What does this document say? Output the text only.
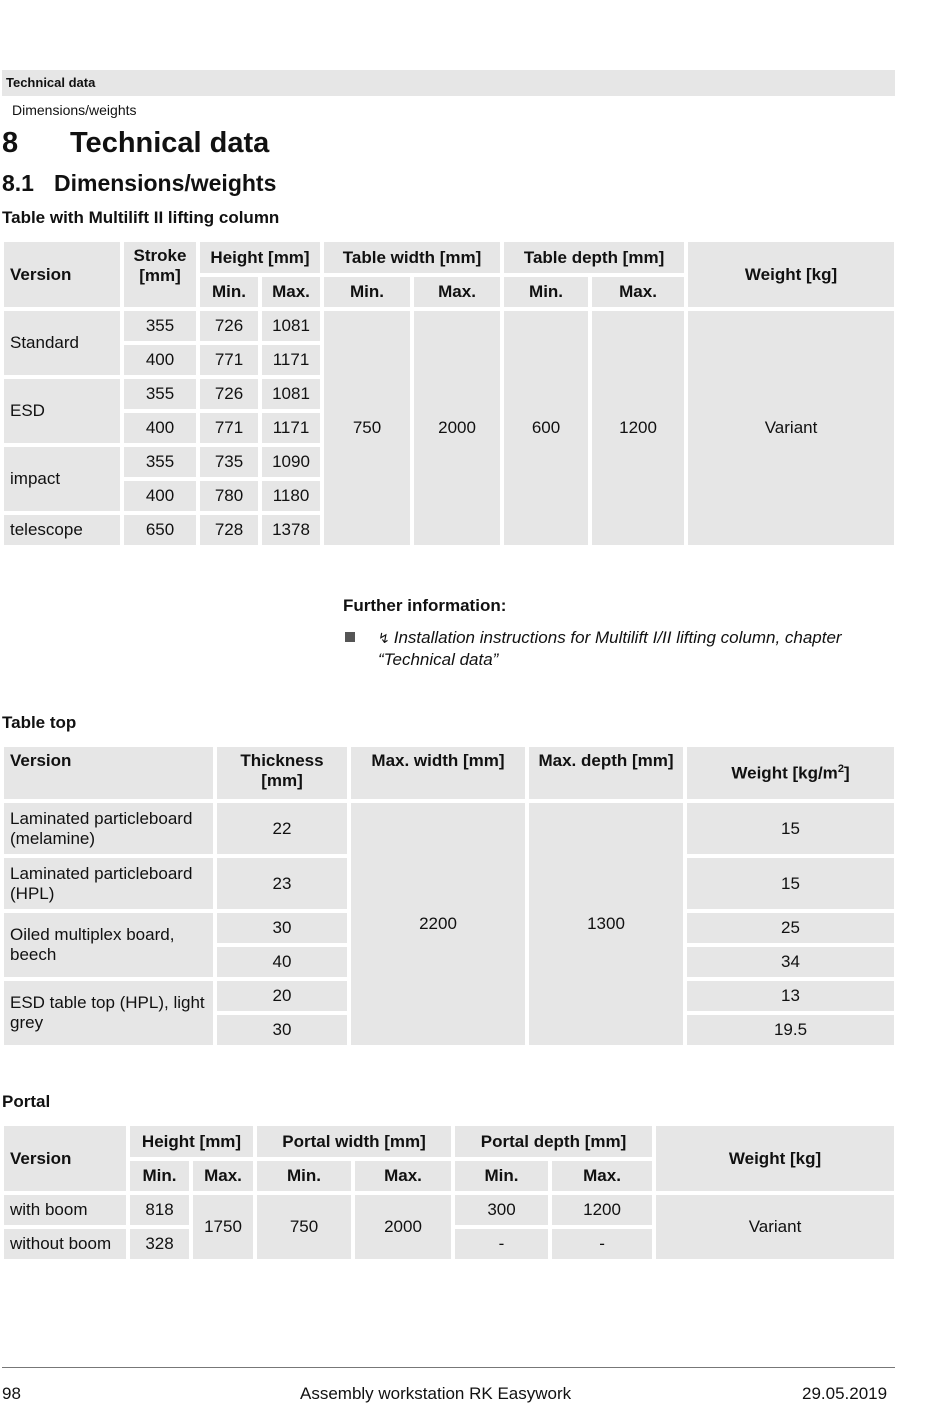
Technical data
Dimensions/weights
8 Technical data
8.1 Dimensions/weights
Table with Multilift II lifting column
Version	Stroke [mm]	Height [mm]		Table width [mm]		Table depth [mm]		Weight [kg]
		Min.	Max.	Min.	Max.	Min.	Max.	
Standard	355	726	1081	750	2000	600	1200	Variant
	400	771	1171					
ESD	355	726	1081					
	400	771	1171					
impact	355	735	1090					
	400	780	1180					
telescope	650	728	1378					
Further information:
↯ Installation instructions for Multilift I/II lifting column, chapter “Technical data”
Table top
Version	Thickness [mm]	Max. width [mm]	Max. depth [mm]	Weight $[kg/m^2]$
Laminated particleboard (melamine)	22	2200	1300	15
Laminated particleboard (HPL)	23			15
Oiled multiplex board, beech	30			25
	40			34
ESD table top (HPL), light grey	20			13
	30			19.5
Portal
Version	Height [mm]		Portal width [mm]		Portal depth [mm]		Weight [kg]
	Min.	Max.	Min.	Max.	Min.	Max.	
with boom	818	1750	750	2000	300	1200	Variant
without boom	328				-	-	
98	Assembly workstation RK Easywork	29.05.2019
